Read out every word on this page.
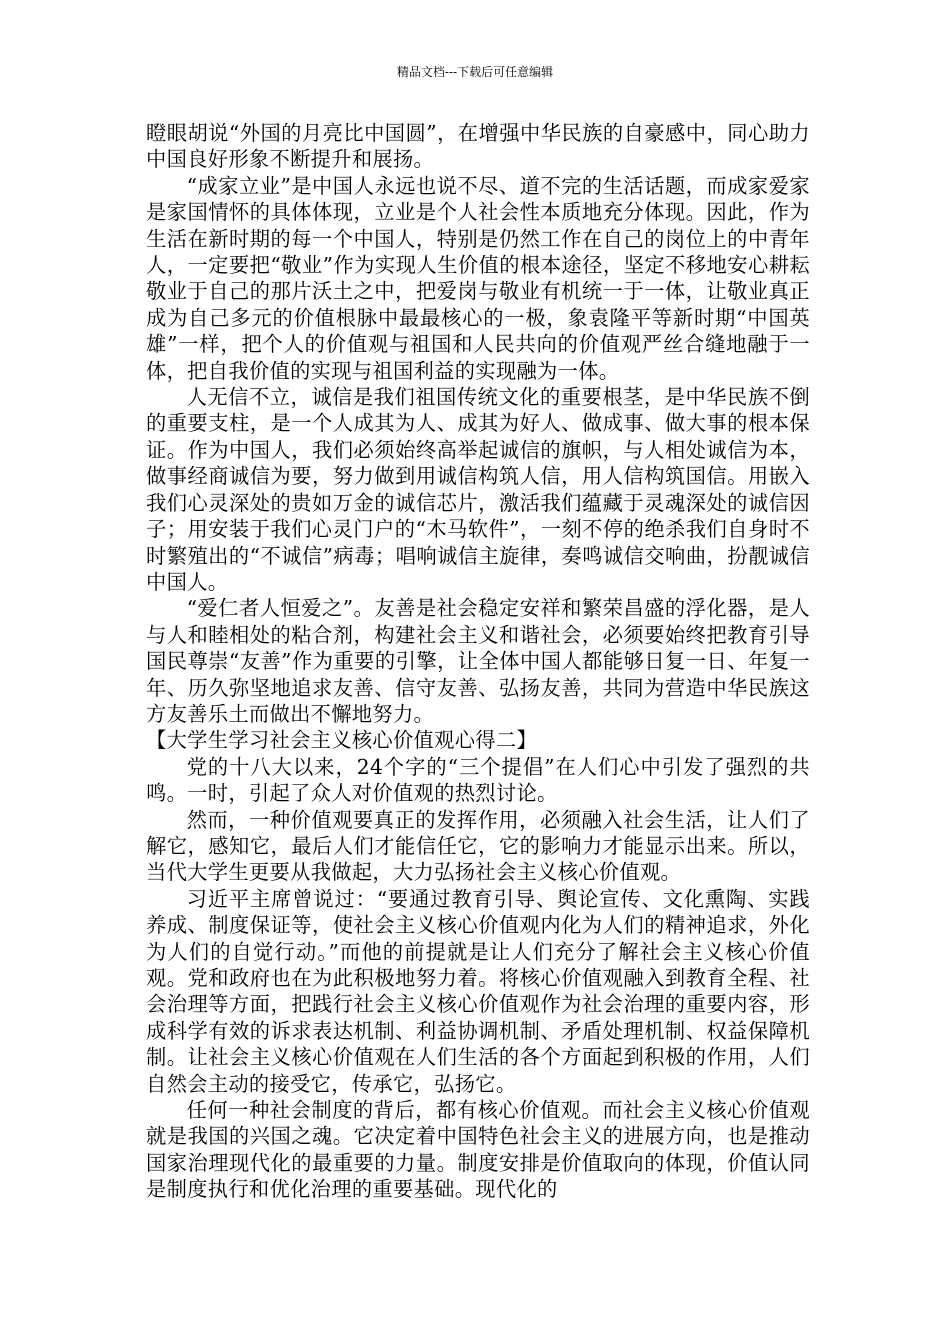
精品文档---下载后可任意编辑

瞪眼胡说“外国的月亮比中国圆”，在增强中华民族的自豪感中，同心助力中国良好形象不断提升和展扬。

“成家立业”是中国人永远也说不尽、道不完的生活话题，而成家爱家是家国情怀的具体体现，立业是个人社会性本质地充分体现。因此，作为生活在新时期的每一个中国人，特别是仍然工作在自己的岗位上的中青年人，一定要把“敬业”作为实现人生价值的根本途径，坚定不移地安心耕耘敬业于自己的那片沃土之中，把爱岗与敬业有机统一于一体，让敬业真正成为自己多元的价值根脉中最最核心的一极，象袁隆平等新时期“中国英雄”一样，把个人的价值观与祖国和人民共向的价值观严丝合缝地融于一体，把自我价值的实现与祖国利益的实现融为一体。

人无信不立，诚信是我们祖国传统文化的重要根茎，是中华民族不倒的重要支柱，是一个人成其为人、成其为好人、做成事、做大事的根本保证。作为中国人，我们必须始终高举起诚信的旗帜，与人相处诚信为本，做事经商诚信为要，努力做到用诚信构筑人信，用人信构筑国信。用嵌入我们心灵深处的贵如万金的诚信芯片，激活我们蕴藏于灵魂深处的诚信因子；用安装于我们心灵门户的“木马软件”，一刻不停的绝杀我们自身时不时繁殖出的“不诚信”病毒；唱响诚信主旋律，奏鸣诚信交响曲，扮靓诚信中国人。

“爱仁者人恒爱之”。友善是社会稳定安祥和繁荣昌盛的浮化器，是人与人和睦相处的粘合剂，构建社会主义和谐社会，必须要始终把教育引导国民尊崇“友善”作为重要的引擎，让全体中国人都能够日复一日、年复一年、历久弥坚地追求友善、信守友善、弘扬友善，共同为营造中华民族这方友善乐土而做出不懈地努力。

【大学生学习社会主义核心价值观心得二】

党的十八大以来，24个字的“三个提倡”在人们心中引发了强烈的共鸣。一时，引起了众人对价值观的热烈讨论。

然而，一种价值观要真正的发挥作用，必须融入社会生活，让人们了解它，感知它，最后人们才能信任它，它的影响力才能显示出来。所以，当代大学生更要从我做起，大力弘扬社会主义核心价值观。

习近平主席曾说过：“要通过教育引导、舆论宣传、文化熏陶、实践养成、制度保证等，使社会主义核心价值观内化为人们的精神追求，外化为人们的自觉行动。”而他的前提就是让人们充分了解社会主义核心价值观。党和政府也在为此积极地努力着。将核心价值观融入到教育全程、社会治理等方面，把践行社会主义核心价值观作为社会治理的重要内容，形成科学有效的诉求表达机制、利益协调机制、矛盾处理机制、权益保障机制。让社会主义核心价值观在人们生活的各个方面起到积极的作用，人们自然会主动的接受它，传承它，弘扬它。

任何一种社会制度的背后，都有核心价值观。而社会主义核心价值观就是我国的兴国之魂。它决定着中国特色社会主义的进展方向，也是推动国家治理现代化的最重要的力量。制度安排是价值取向的体现，价值认同是制度执行和优化治理的重要基础。现代化的
